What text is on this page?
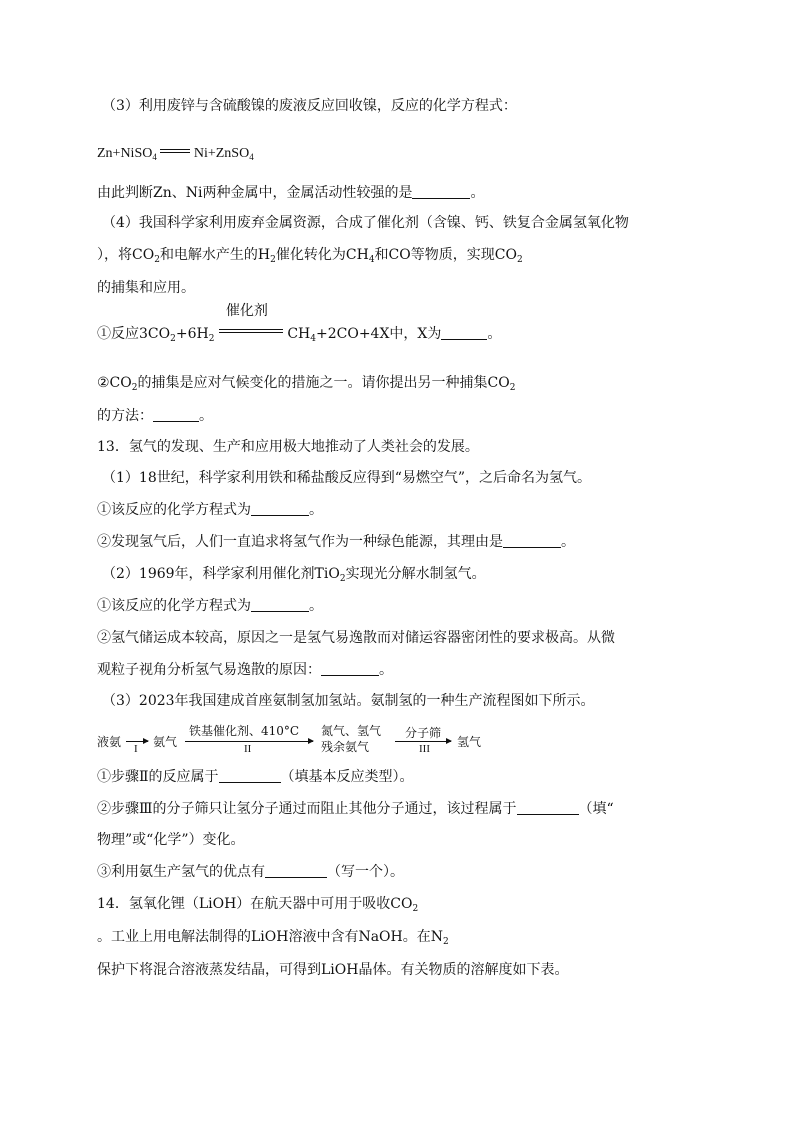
（3）利用废锌与含硫酸镍的废液反应回收镍，反应的化学方程式：
Zn+NiSO$_4$	Ni+ZnSO$_4$
由此判断Zn、Ni两种金属中，金属活动性较强的是	。
（4）我国科学家利用废弃金属资源，合成了催化剂（含镍、钙、铁复合金属氢氧化物
），将$CO_2$和电解水产生的$H_2$催化转化为$CH_4$和CO等物质，实现$CO_2$
的捕集和应用。
①反应$3CO_2+6H_2$
催化剂
$CH_4+2CO+4X$中，X为	。
$②CO_2$的捕集是应对气候变化的措施之一。请你提出另一种捕集$CO_2$
的方法：	。
13．氢气的发现、生产和应用极大地推动了人类社会的发展。
（1）18世纪，科学家利用铁和稀盐酸反应得到“易燃空气”，之后命名为氢气。
①该反应的化学方程式为	。
②发现氢气后，人们一直追求将氢气作为一种绿色能源，其理由是	。
（2）1969年，科学家利用催化剂TiO$_2$实现光分解水制氢气。
①该反应的化学方程式为	。
②氢气储运成本较高，原因之一是氢气易逸散而对储运容器密闭性的要求极高。从微
观粒子视角分析氢气易逸散的原因：	。
（3）2023年我国建成首座氨制氢加氢站。氨制氢的一种生产流程图如下所示。
液氨 I 氨气
铁基催化剂、410°C
II
氮气、氢气
残余氨气
分子筛
III 氢气
①步骤Ⅱ的反应属于	（填基本反应类型）。
②步骤Ⅲ的分子筛只让氢分子通过而阻止其他分子通过，该过程属于	（填“
物理”或“化学”）变化。
③利用氨生产氢气的优点有	（写一个）。
14．氢氧化锂（LiOH）在航天器中可用于吸收$CO_2$
。工业上用电解法制得的LiOH溶液中含有NaOH。在$N_2$
保护下将混合溶液蒸发结晶，可得到LiOH晶体。有关物质的溶解度如下表。
